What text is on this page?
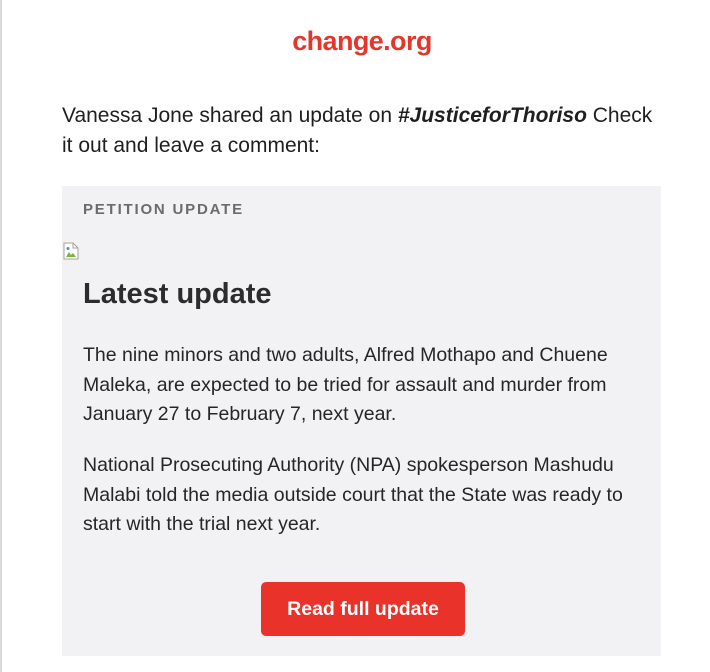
change.org
Vanessa Jone shared an update on #JusticeforThoriso Check it out and leave a comment:
PETITION UPDATE
Latest update
The nine minors and two adults, Alfred Mothapo and Chuene Maleka, are expected to be tried for assault and murder from January 27 to February 7, next year.
National Prosecuting Authority (NPA) spokesperson Mashudu Malabi told the media outside court that the State was ready to start with the trial next year.
Read full update
